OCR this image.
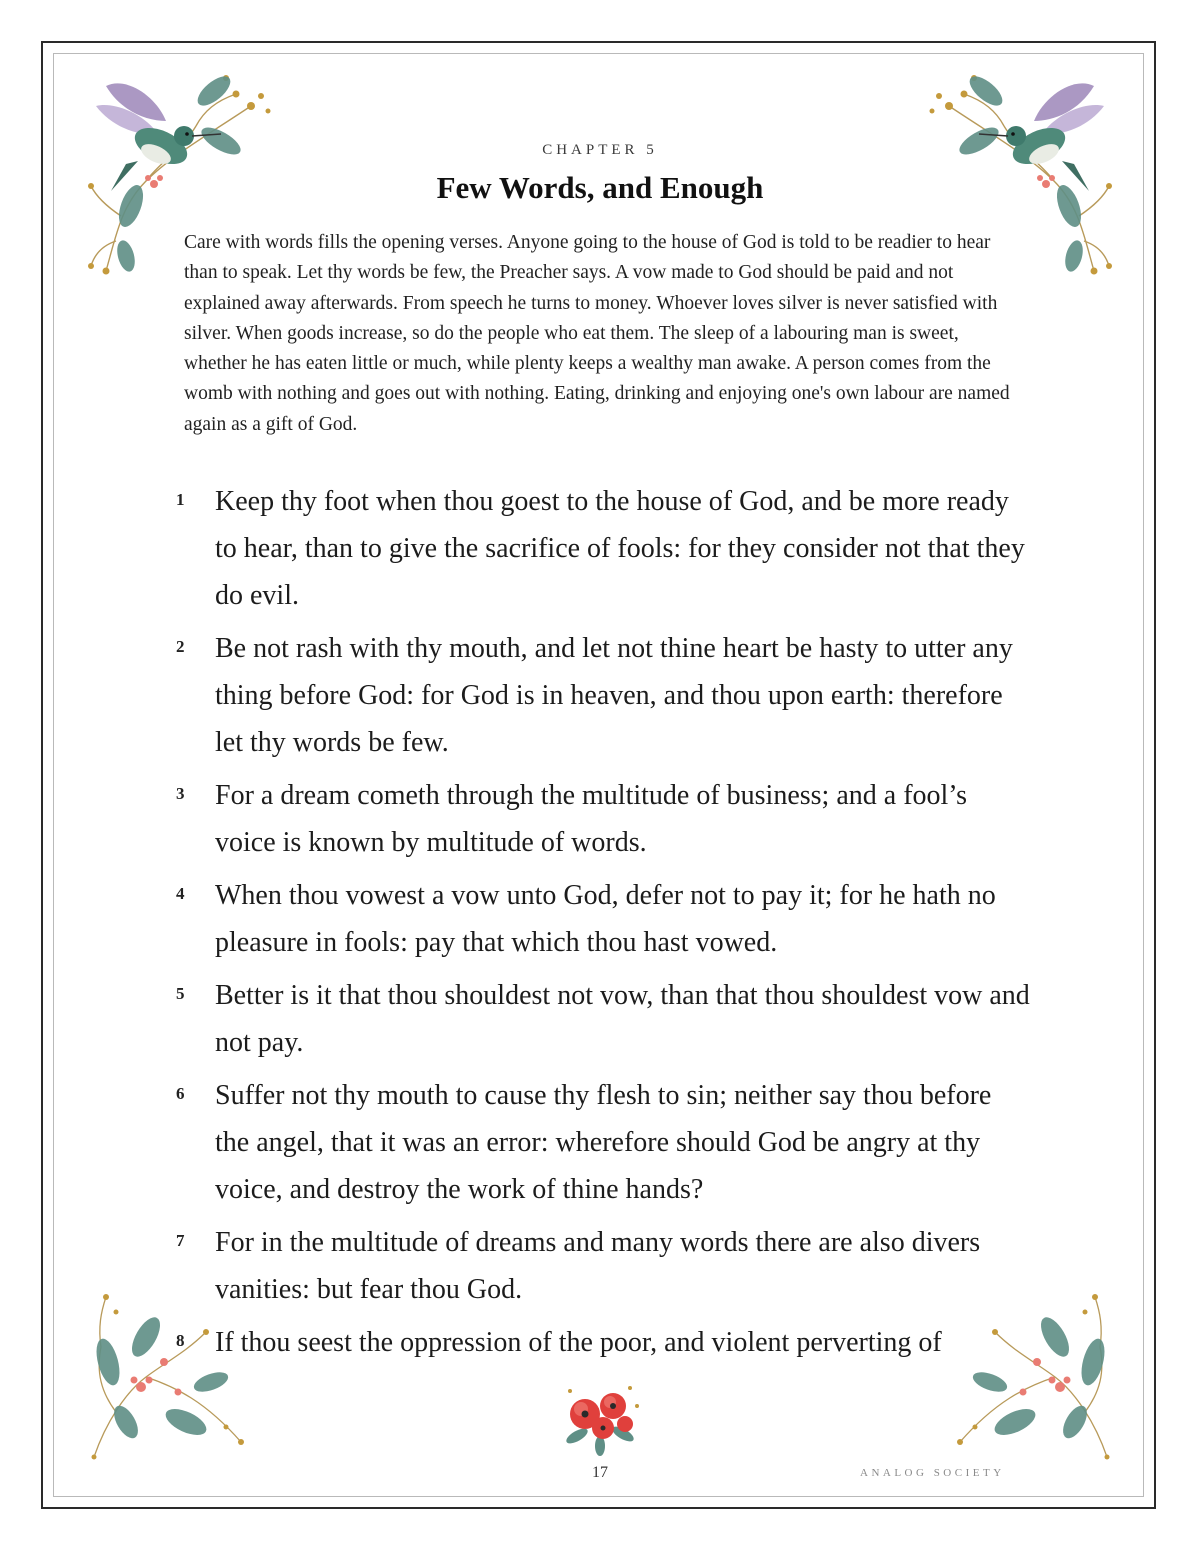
CHAPTER 5
Few Words, and Enough

Care with words fills the opening verses. Anyone going to the house of God is told to be readier to hear than to speak. Let thy words be few, the Preacher says. A vow made to God should be paid and not explained away afterwards. From speech he turns to money. Whoever loves silver is never satisfied with silver. When goods increase, so do the people who eat them. The sleep of a labouring man is sweet, whether he has eaten little or much, while plenty keeps a wealthy man awake. A person comes from the womb with nothing and goes out with nothing. Eating, drinking and enjoying one's own labour are named again as a gift of God.

1	Keep thy foot when thou goest to the house of God, and be more ready to hear, than to give the sacrifice of fools: for they consider not that they do evil.
2	Be not rash with thy mouth, and let not thine heart be hasty to utter any thing before God: for God is in heaven, and thou upon earth: therefore let thy words be few.
3	For a dream cometh through the multitude of business; and a fool’s voice is known by multitude of words.
4	When thou vowest a vow unto God, defer not to pay it; for he hath no pleasure in fools: pay that which thou hast vowed.
5	Better is it that thou shouldest not vow, than that thou shouldest vow and not pay.
6	Suffer not thy mouth to cause thy flesh to sin; neither say thou before the angel, that it was an error: wherefore should God be angry at thy voice, and destroy the work of thine hands?
7	For in the multitude of dreams and many words there are also divers vanities: but fear thou God.
8	If thou seest the oppression of the poor, and violent perverting of
17	ANALOG SOCIETY
